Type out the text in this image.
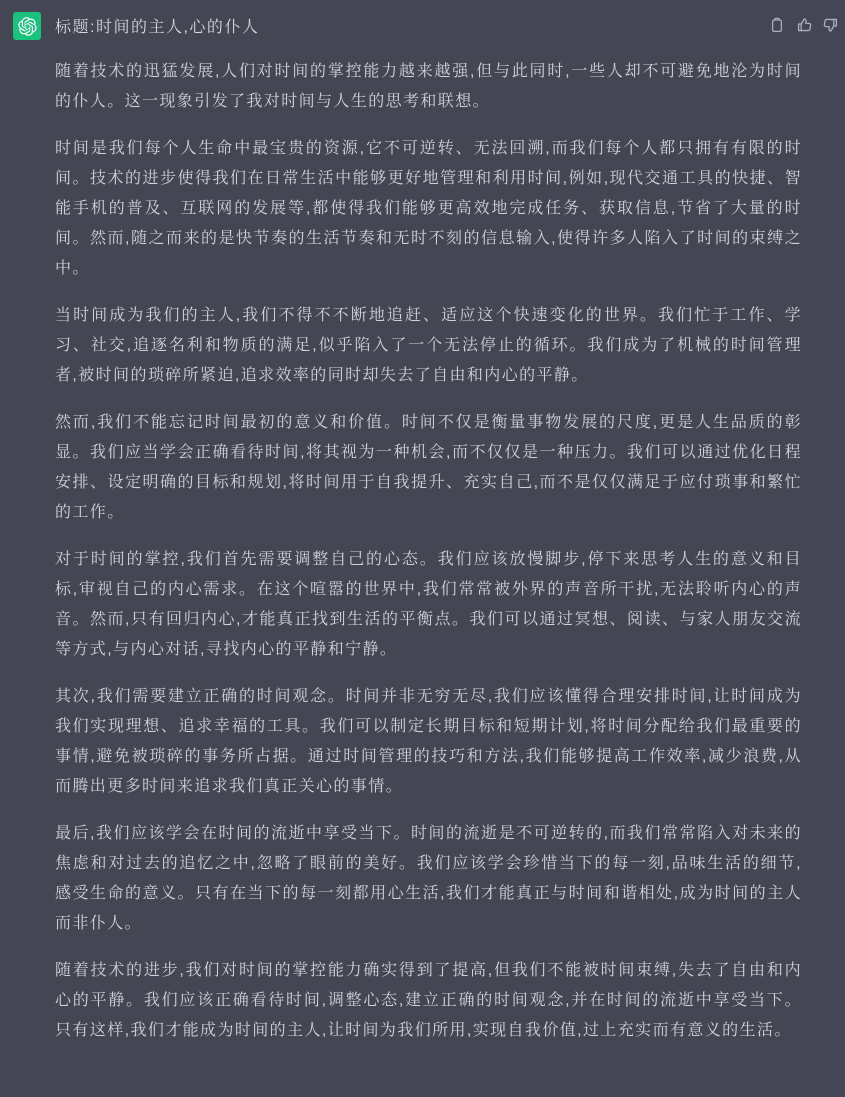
标题:时间的主人,心的仆人

随着技术的迅猛发展,人们对时间的掌控能力越来越强,但与此同时,一些人却不可避免地沦为时间的仆人。这一现象引发了我对时间与人生的思考和联想。

时间是我们每个人生命中最宝贵的资源,它不可逆转、无法回溯,而我们每个人都只拥有有限的时间。技术的进步使得我们在日常生活中能够更好地管理和利用时间,例如,现代交通工具的快捷、智能手机的普及、互联网的发展等,都使得我们能够更高效地完成任务、获取信息,节省了大量的时间。然而,随之而来的是快节奏的生活节奏和无时不刻的信息输入,使得许多人陷入了时间的束缚之中。

当时间成为我们的主人,我们不得不不断地追赶、适应这个快速变化的世界。我们忙于工作、学习、社交,追逐名利和物质的满足,似乎陷入了一个无法停止的循环。我们成为了机械的时间管理者,被时间的琐碎所紧迫,追求效率的同时却失去了自由和内心的平静。

然而,我们不能忘记时间最初的意义和价值。时间不仅是衡量事物发展的尺度,更是人生品质的彰显。我们应当学会正确看待时间,将其视为一种机会,而不仅仅是一种压力。我们可以通过优化日程安排、设定明确的目标和规划,将时间用于自我提升、充实自己,而不是仅仅满足于应付琐事和繁忙的工作。

对于时间的掌控,我们首先需要调整自己的心态。我们应该放慢脚步,停下来思考人生的意义和目标,审视自己的内心需求。在这个喧嚣的世界中,我们常常被外界的声音所干扰,无法聆听内心的声音。然而,只有回归内心,才能真正找到生活的平衡点。我们可以通过冥想、阅读、与家人朋友交流等方式,与内心对话,寻找内心的平静和宁静。

其次,我们需要建立正确的时间观念。时间并非无穷无尽,我们应该懂得合理安排时间,让时间成为我们实现理想、追求幸福的工具。我们可以制定长期目标和短期计划,将时间分配给我们最重要的事情,避免被琐碎的事务所占据。通过时间管理的技巧和方法,我们能够提高工作效率,减少浪费,从而腾出更多时间来追求我们真正关心的事情。

最后,我们应该学会在时间的流逝中享受当下。时间的流逝是不可逆转的,而我们常常陷入对未来的焦虑和对过去的追忆之中,忽略了眼前的美好。我们应该学会珍惜当下的每一刻,品味生活的细节,感受生命的意义。只有在当下的每一刻都用心生活,我们才能真正与时间和谐相处,成为时间的主人而非仆人。

随着技术的进步,我们对时间的掌控能力确实得到了提高,但我们不能被时间束缚,失去了自由和内心的平静。我们应该正确看待时间,调整心态,建立正确的时间观念,并在时间的流逝中享受当下。只有这样,我们才能成为时间的主人,让时间为我们所用,实现自我价值,过上充实而有意义的生活。
